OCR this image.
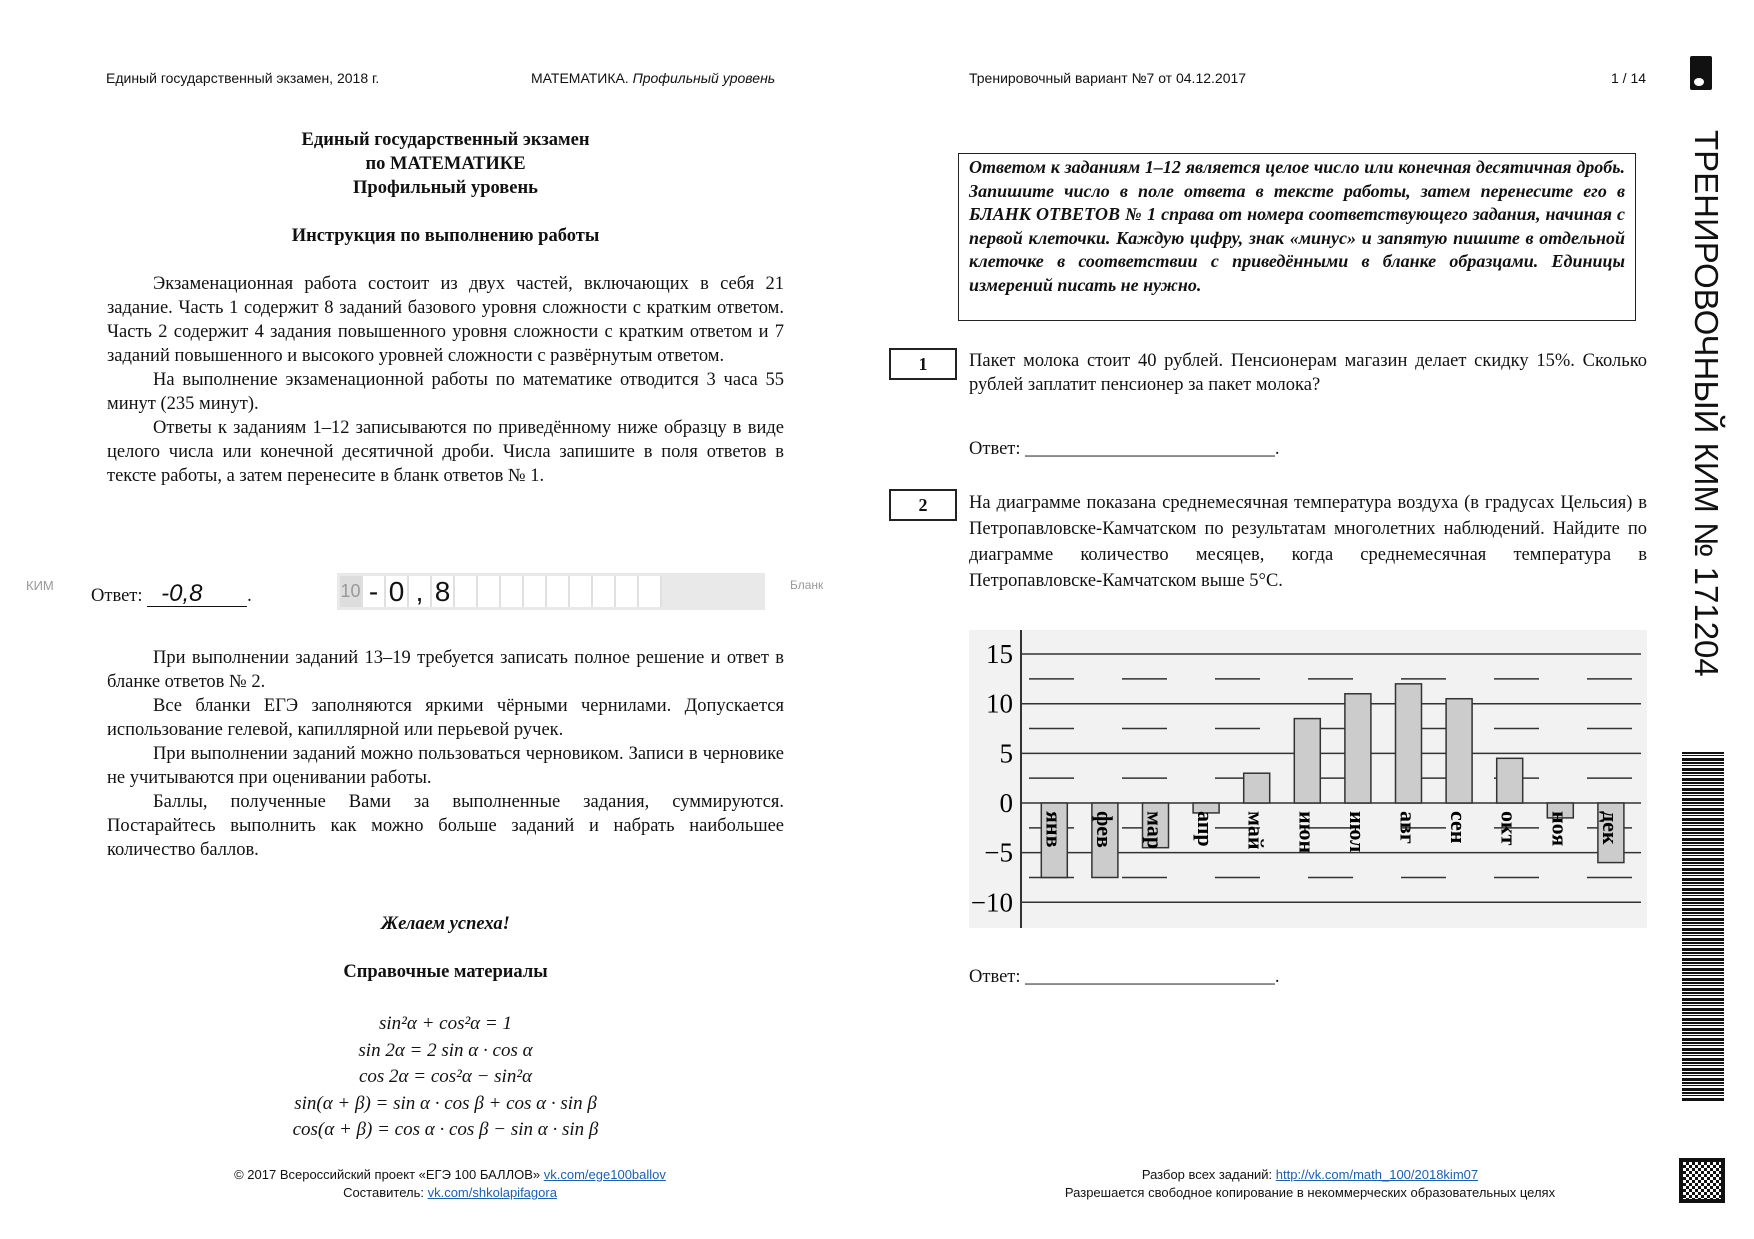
Единый государственный экзамен, 2018 г.	МАТЕМАТИКА. Профильный уровень	Тренировочный вариант №7 от 04.12.2017	1 / 14
Единый государственный экзамен
по МАТЕМАТИКЕ
Профильный уровень
Инструкция по выполнению работы

Экзаменационная работа состоит из двух частей, включающих в себя 21 задание. Часть 1 содержит 8 заданий базового уровня сложности с кратким ответом. Часть 2 содержит 4 задания повышенного уровня сложности с кратким ответом и 7 заданий повышенного и высокого уровней сложности с развёрнутым ответом.

На выполнение экзаменационной работы по математике отводится 3 часа 55 минут (235 минут).

Ответы к заданиям 1–12 записываются по приведённому ниже образцу в виде целого числа или конечной десятичной дроби. Числа запишите в поля ответов в тексте работы, а затем перенесите в бланк ответов № 1.

КИМ
Ответ: -0,8 .	10 - 0 , 8	Бланк

При выполнении заданий 13–19 требуется записать полное решение и ответ в бланке ответов № 2.

Все бланки ЕГЭ заполняются яркими чёрными чернилами. Допускается использование гелевой, капиллярной или перьевой ручек.

При выполнении заданий можно пользоваться черновиком. Записи в черновике не учитываются при оценивании работы.

Баллы, полученные Вами за выполненные задания, суммируются. Постарайтесь выполнить как можно больше заданий и набрать наибольшее количество баллов.

Желаем успеха!
Справочные материалы
sin²α + cos²α = 1
sin 2α = 2 sin α · cos α
cos 2α = cos²α − sin²α
sin(α + β) = sin α · cos β + cos α · sin β
cos(α + β) = cos α · cos β − sin α · sin β
Ответом к заданиям 1–12 является целое число или конечная десятичная дробь. Запишите число в поле ответа в тексте работы, затем перенесите его в БЛАНК ОТВЕТОВ № 1 справа от номера соответствующего задания, начиная с первой клеточки. Каждую цифру, знак «минус» и запятую пишите в отдельной клеточке в соответствии с приведёнными в бланке образцами. Единицы измерений писать не нужно.
1	Пакет молока стоит 40 рублей. Пенсионерам магазин делает скидку 15%. Сколько рублей заплатит пенсионер за пакет молока?
Ответ: ___________________________.
2	На диаграмме показана среднемесячная температура воздуха (в градусах Цельсия) в Петропавловске-Камчатском по результатам многолетних наблюдений. Найдите по диаграмме количество месяцев, когда среднемесячная температура в Петропавловске-Камчатском выше 5°С.
15
10
5
0
−5
−10
янв фев мар апр май июн июл авг сен окт ноя дек
Ответ: ___________________________.
© 2017 Всероссийский проект «ЕГЭ 100 БАЛЛОВ» vk.com/ege100ballov
Составитель: vk.com/shkolapifagora
Разбор всех заданий: http://vk.com/math_100/2018kim07
Разрешается свободное копирование в некоммерческих образовательных целях
ТРЕНИРОВОЧНЫЙ КИМ № 171204
